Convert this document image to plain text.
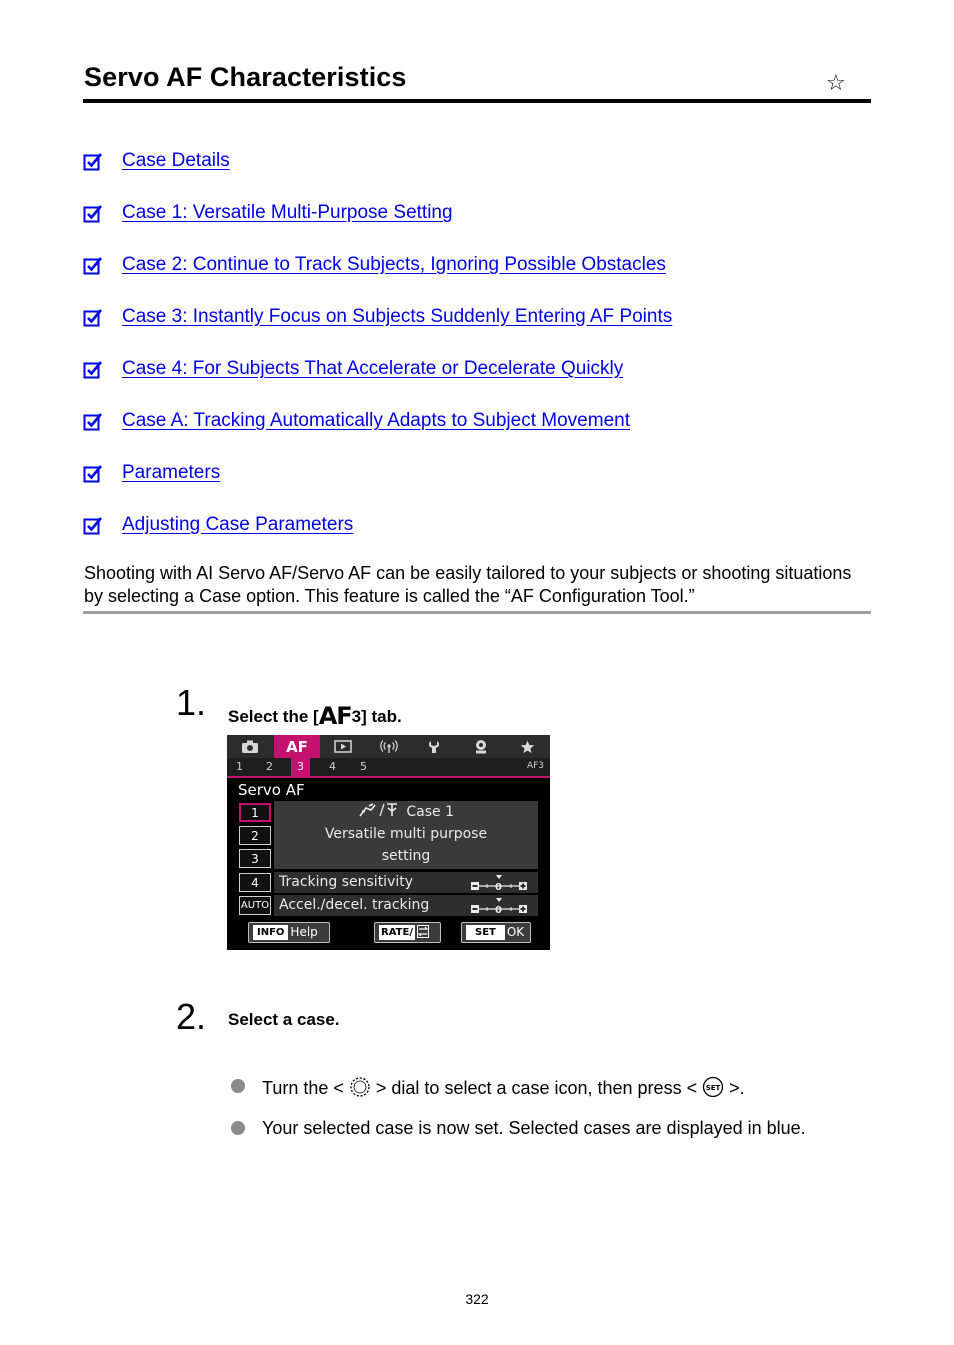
Servo AF Characteristics	☆
Case Details
Case 1: Versatile Multi-Purpose Setting
Case 2: Continue to Track Subjects, Ignoring Possible Obstacles
Case 3: Instantly Focus on Subjects Suddenly Entering AF Points
Case 4: For Subjects That Accelerate or Decelerate Quickly
Case A: Tracking Automatically Adapts to Subject Movement
Parameters
Adjusting Case Parameters
Shooting with AI Servo AF/Servo AF can be easily tailored to your subjects or shooting situations by selecting a Case option. This feature is called the “AF Configuration Tool.”
1. Select the [AF3] tab.
AF
1 2	3	4 5	AF3
Servo AF
1
2
3
4
AUTO
Case 1
Versatile multi purpose
setting
Tracking sensitivity	0
Accel./decel. tracking	0
INFO Help	RATE/	SET OK
2. Select a case.
Turn the <  > dial to select a case icon, then press < SET >.
Your selected case is now set. Selected cases are displayed in blue.
322
